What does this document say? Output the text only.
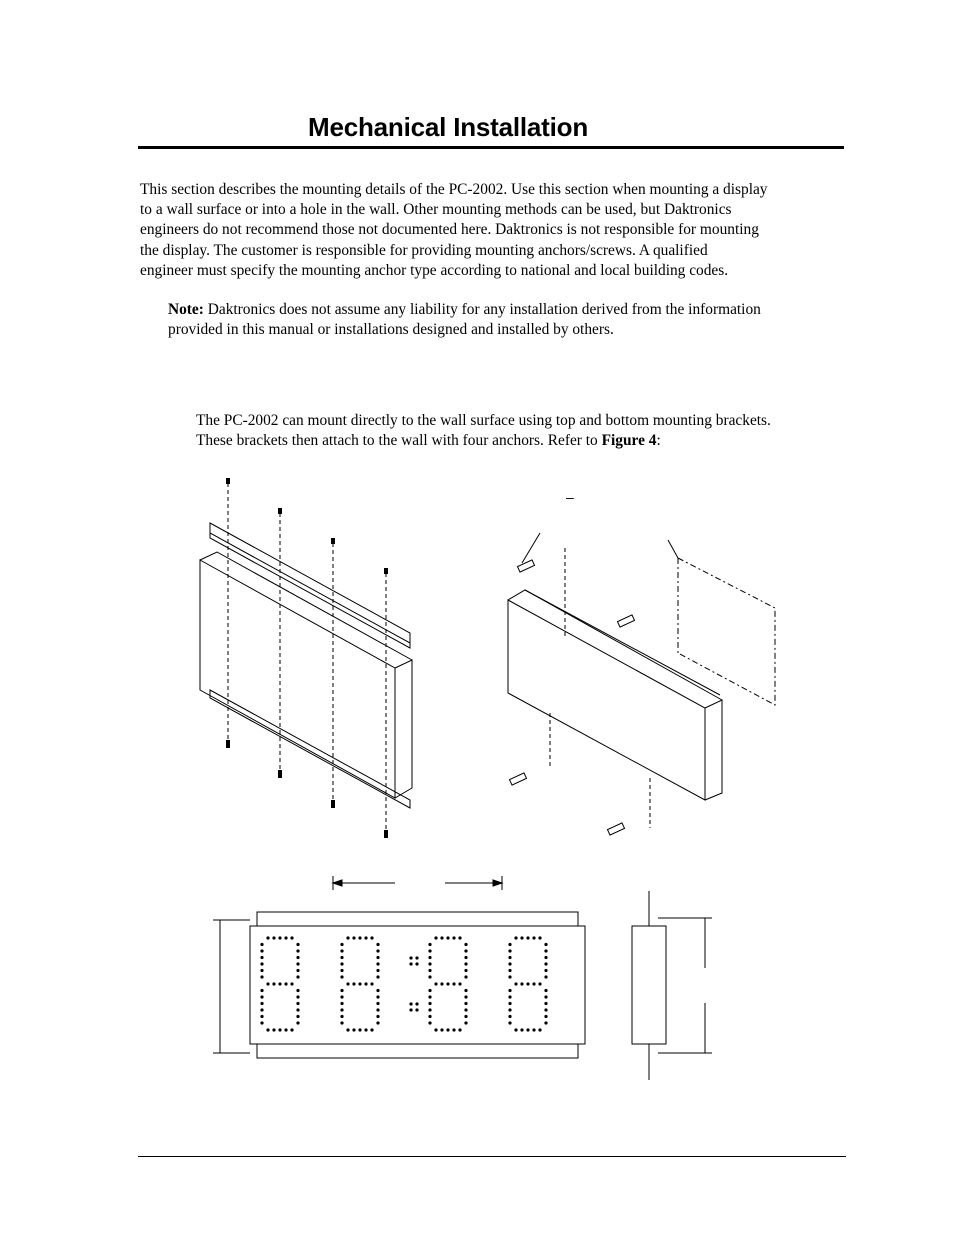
Mechanical Installation
This section describes the mounting details of the PC-2002. Use this section when mounting a display
to a wall surface or into a hole in the wall. Other mounting methods can be used, but Daktronics
engineers do not recommend those not documented here. Daktronics is not responsible for mounting
the display. The customer is responsible for providing mounting anchors/screws. A qualified
engineer must specify the mounting anchor type according to national and local building codes.
Note: Daktronics does not assume any liability for any installation derived from the information
provided in this manual or installations designed and installed by others.
The PC-2002 can mount directly to the wall surface using top and bottom mounting brackets.
These brackets then attach to the wall with four anchors. Refer to Figure 4:
–
